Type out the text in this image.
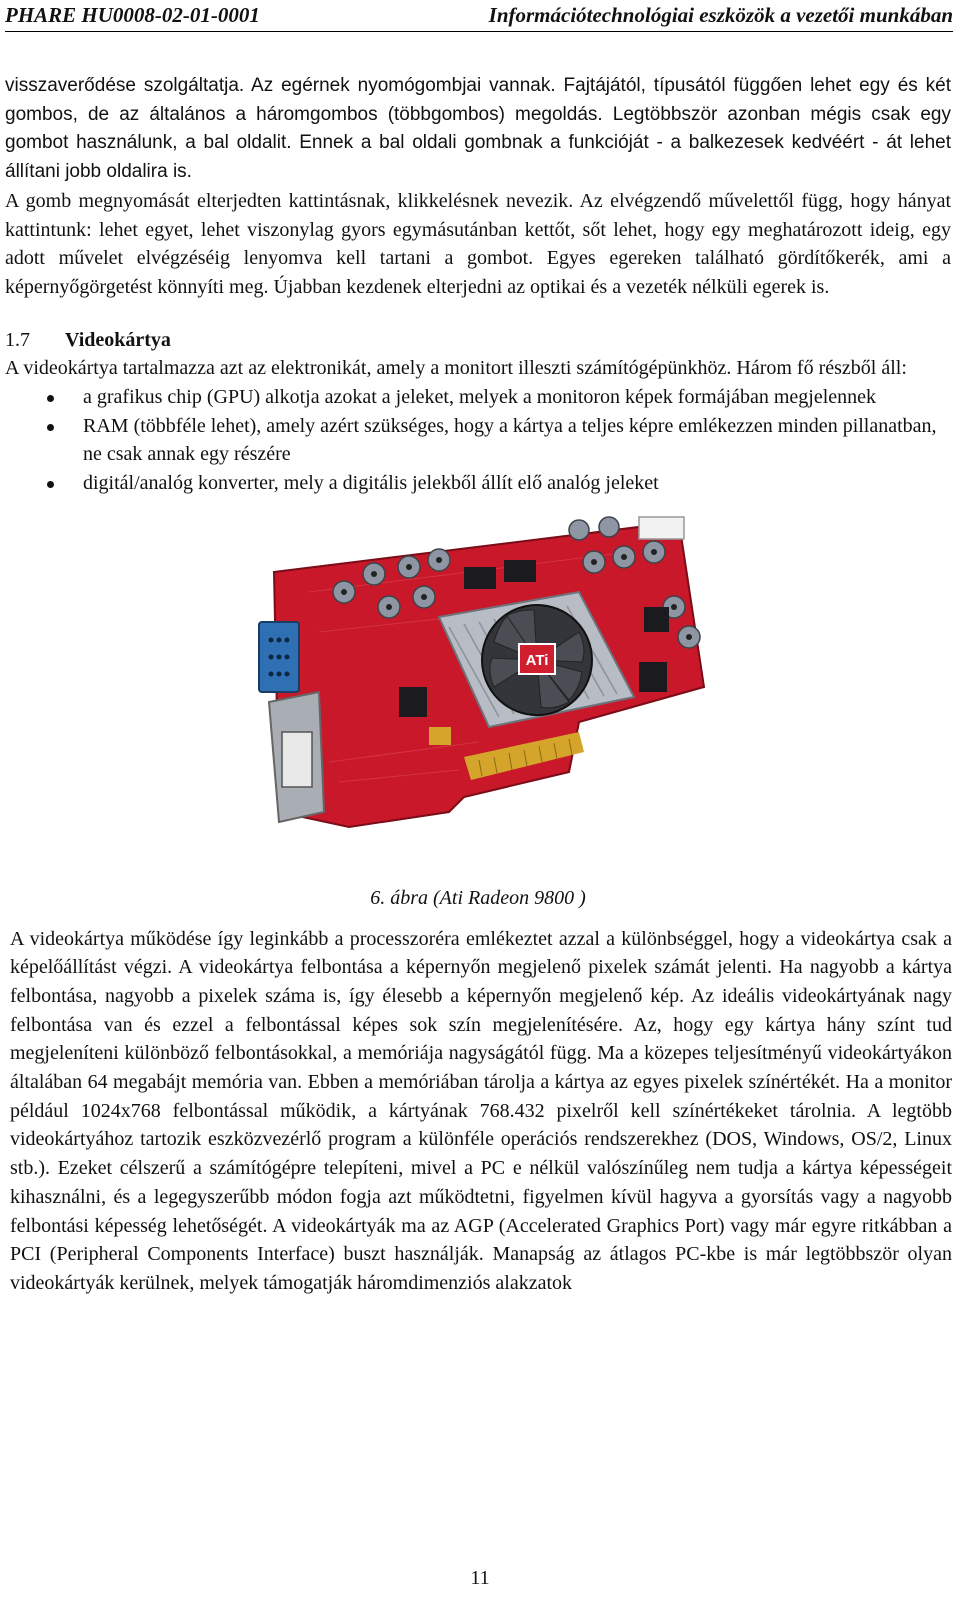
PHARE HU0008-02-01-0001	Információtechnológiai eszközök a vezetői munkában

visszaverődése szolgáltatja. Az egérnek nyomógombjai vannak. Fajtájától, típusától függően lehet egy és két gombos, de az általános a háromgombos (többgombos) megoldás. Legtöbbször azonban mégis csak egy gombot használunk, a bal oldalit. Ennek a bal oldali gombnak a funkcióját - a balkezesek kedvéért - át lehet állítani jobb oldalira is.

A gomb megnyomását elterjedten kattintásnak, klikkelésnek nevezik. Az elvégzendő művelettől függ, hogy hányat kattintunk: lehet egyet, lehet viszonylag gyors egymásutánban kettőt, sőt lehet, hogy egy meghatározott ideig, egy adott művelet elvégzéséig lenyomva kell tartani a gombot. Egyes egereken található gördítőkerék, ami a képernyőgörgetést könnyíti meg. Újabban kezdenek elterjedni az optikai és a vezeték nélküli egerek is.

1.7	Videokártya

A videokártya tartalmazza azt az elektronikát, amely a monitort illeszti számítógépünkhöz. Három fő részből áll:

a grafikus chip (GPU) alkotja azokat a jeleket, melyek a monitoron képek formájában megjelennek
RAM (többféle lehet), amely azért szükséges, hogy a kártya a teljes képre emlékezzen minden pillanatban, ne csak annak egy részére
digitál/analóg konverter, mely a digitális jelekből állít elő analóg jeleket
ATi
6. ábra (Ati Radeon 9800 )

A videokártya működése így leginkább a processzoréra emlékeztet azzal a különbséggel, hogy a videokártya csak a képelőállítást végzi. A videokártya felbontása a képernyőn megjelenő pixelek számát jelenti. Ha nagyobb a kártya felbontása, nagyobb a pixelek száma is, így élesebb a képernyőn megjelenő kép. Az ideális videokártyának nagy felbontása van és ezzel a felbontással képes sok szín megjelenítésére. Az, hogy egy kártya hány színt tud megjeleníteni különböző felbontásokkal, a memóriája nagyságától függ. Ma a közepes teljesítményű videokártyákon általában 64 megabájt memória van. Ebben a memóriában tárolja a kártya az egyes pixelek színértékét. Ha a monitor például 1024x768 felbontással működik, a kártyának 768.432 pixelről kell színértékeket tárolnia. A legtöbb videokártyához tartozik eszközvezérlő program a különféle operációs rendszerekhez (DOS, Windows, OS/2, Linux stb.). Ezeket célszerű a számítógépre telepíteni, mivel a PC e nélkül valószínűleg nem tudja a kártya képességeit kihasználni, és a legegyszerűbb módon fogja azt működtetni, figyelmen kívül hagyva a gyorsítás vagy a nagyobb felbontási képesség lehetőségét. A videokártyák ma az AGP (Accelerated Graphics Port) vagy már egyre ritkábban a PCI (Peripheral Components Interface) buszt használják. Manapság az átlagos PC-kbe is már legtöbbször olyan videokártyák kerülnek, melyek támogatják háromdimenziós alakzatok

11
